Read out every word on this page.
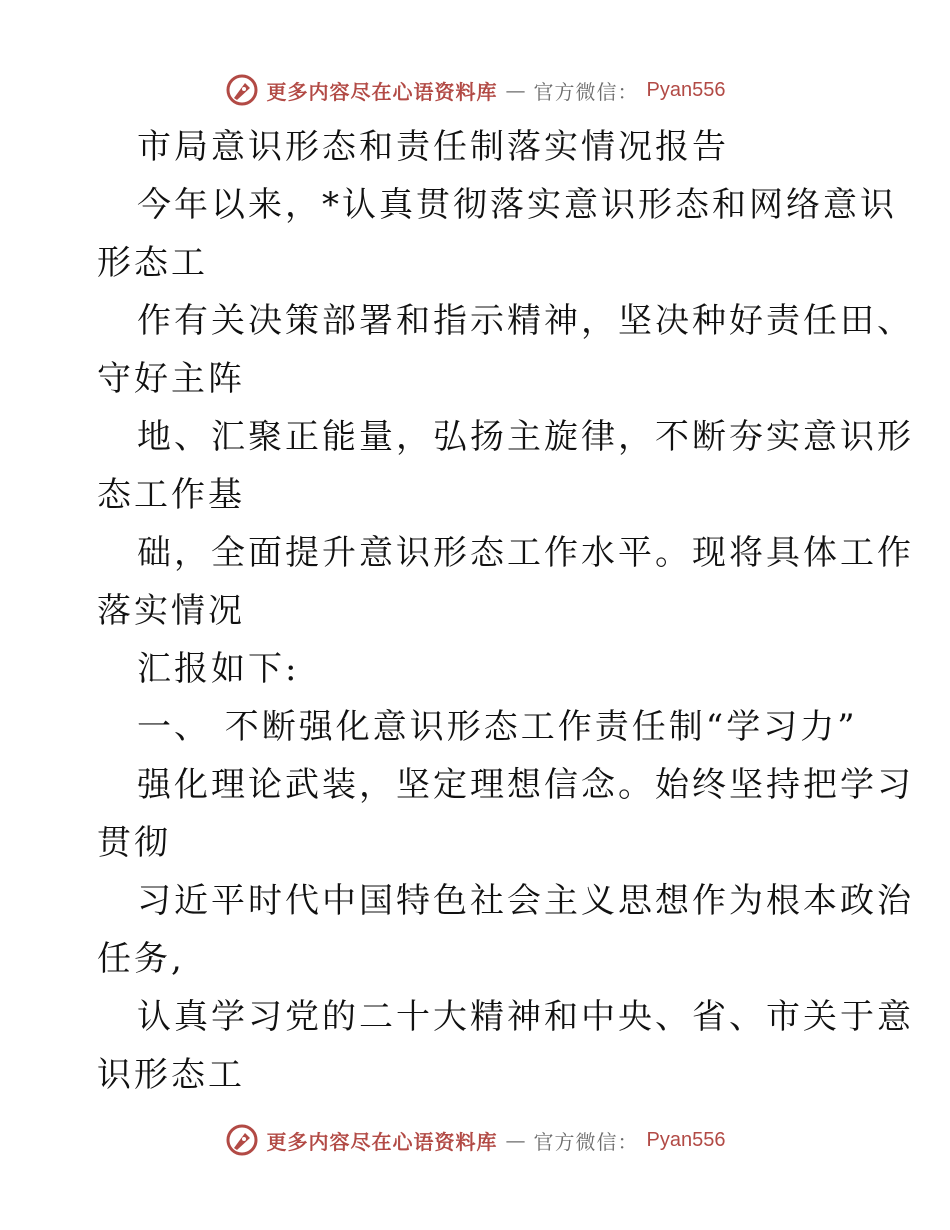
更多内容尽在心语资料库 — 官方微信： Pyan556
市局意识形态和责任制落实情况报告
今年以来，*认真贯彻落实意识形态和网络意识
形态工
作有关决策部署和指示精神，坚决种好责任田、
守好主阵
地、汇聚正能量，弘扬主旋律，不断夯实意识形
态工作基
础，全面提升意识形态工作水平。现将具体工作
落实情况
汇报如下:
一、 不断强化意识形态工作责任制“学习力”
强化理论武装，坚定理想信念。始终坚持把学习
贯彻
习近平时代中国特色社会主义思想作为根本政治
任务,
认真学习党的二十大精神和中央、省、市关于意
识形态工
更多内容尽在心语资料库 — 官方微信： Pyan556
